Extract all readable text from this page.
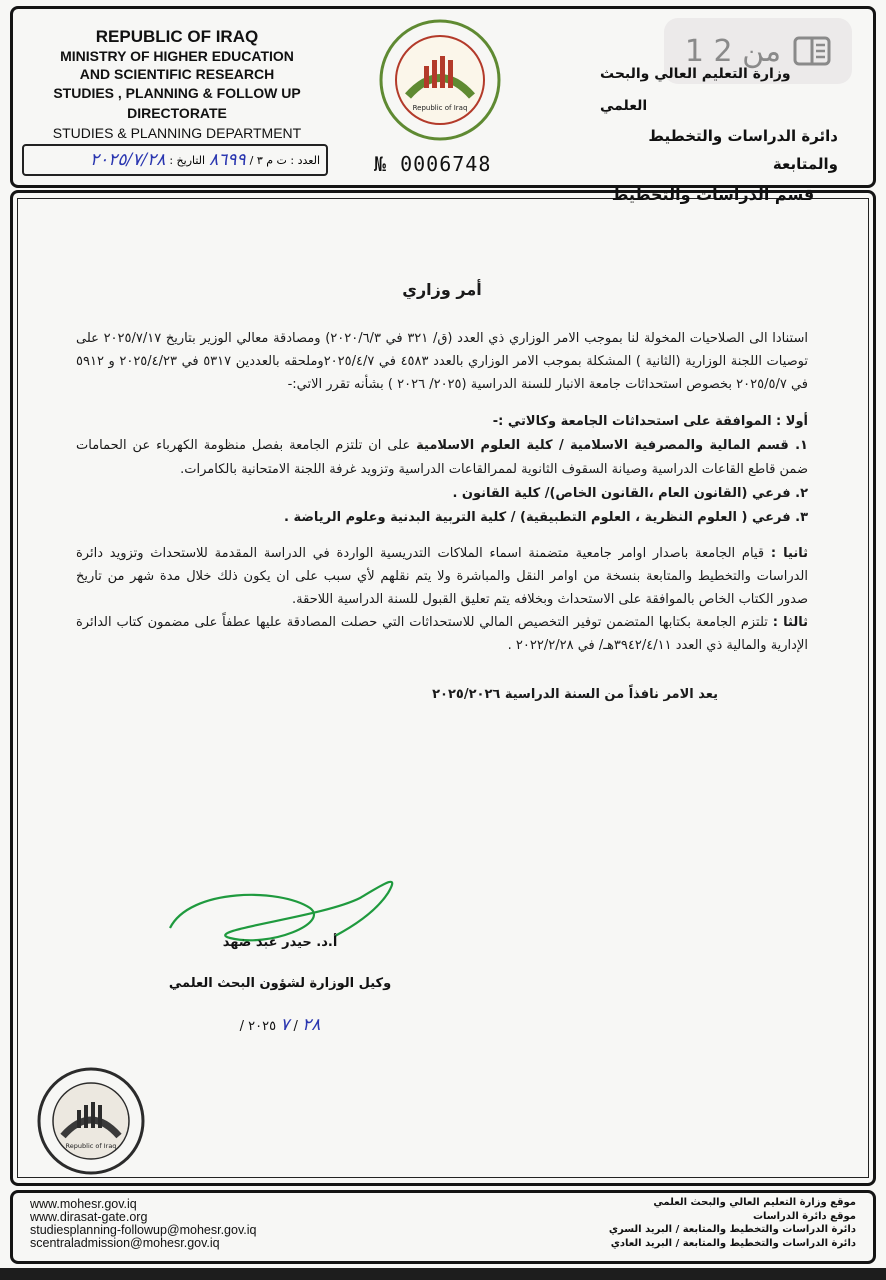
REPUBLIC OF IRAQ
MINISTRY OF HIGHER EDUCATION
AND SCIENTIFIC RESEARCH
STUDIES , PLANNING & FOLLOW UP DIRECTORATE
STUDIES & PLANNING DEPARTMENT
العدد : ت م ٣ /
٨٦٩٩
التاريخ :
٢٠٢٥/٧/٢٨	№ 0006748
Republic of Iraq
1 من 2
وزارة التعليم العالي والبحث العلمي
دائرة الدراسات والتخطيط والمتابعة
قسم الدراسات والتخطيط
أمر وزاري

استنادا الى الصلاحيات المخولة لنا بموجب الامر الوزاري ذي العدد (ق/ ٣٢١ في ٢٠٢٠/٦/٣) ومصادقة معالي الوزير بتاريخ ٢٠٢٥/٧/١٧ على توصيات اللجنة الوزارية (الثانية ) المشكلة بموجب الامر الوزاري بالعدد ٤٥٨٣ في ٢٠٢٥/٤/٧وملحقه بالعددين ٥٣١٧ في ٢٠٢٥/٤/٢٣ و ٥٩١٢ في ٢٠٢٥/٥/٧ بخصوص استحداثات جامعة الانبار للسنة الدراسية (٢٠٢٥/ ٢٠٢٦ ) بشأنه تقرر الاتي:-

أولا : الموافقة على استحداثات الجامعة وكالاتي :-

١. قسم المالية والمصرفية الاسلامية / كلية العلوم الاسلامية على ان تلتزم الجامعة بفصل منظومة الكهرباء عن الحمامات ضمن قاطع القاعات الدراسية وصيانة السقوف الثانوية لممرالقاعات الدراسية وتزويد غرفة اللجنة الامتحانية بالكامرات.

٢. فرعي (القانون العام ،القانون الخاص)/ كلية القانون .

٣. فرعي ( العلوم النظرية ، العلوم التطبيقية) / كلية التربية البدنية وعلوم الرياضة .

ثانيا : قيام الجامعة باصدار اوامر جامعية متضمنة اسماء الملاكات التدريسية الواردة في الدراسة المقدمة للاستحداث وتزويد دائرة الدراسات والتخطيط والمتابعة بنسخة من اوامر النقل والمباشرة ولا يتم نقلهم لأي سبب على ان يكون ذلك خلال مدة شهر من تاريخ صدور الكتاب الخاص بالموافقة على الاستحداث وبخلافه يتم تعليق القبول للسنة الدراسية اللاحقة.

ثالثا : تلتزم الجامعة بكتابها المتضمن توفير التخصيص المالي للاستحداثات التي حصلت المصادقة عليها عطفاً على مضمون كتاب الدائرة الإدارية والمالية ذي العدد ٣٩٤٢/٤/١١هـ/ في ٢٠٢٢/٢/٢٨ .

يعد الامر نافذاً من السنة الدراسية ٢٠٢٥/٢٠٢٦
أ.د. حيدر عبد ضهد
وكيل الوزارة لشؤون البحث العلمي
٢٨ / ٧ ٢٠٢٥ /
Republic of Iraq
www.mohesr.gov.iq
www.dirasat-gate.org
studiesplanning-followup@mohesr.gov.iq
scentraladmission@mohesr.gov.iq
موقع وزارة التعليم العالي والبحث العلمي
موقع دائرة الدراسات
دائرة الدراسات والتخطيط والمتابعة / البريد السري
دائرة الدراسات والتخطيط والمتابعة / البريد العادي
